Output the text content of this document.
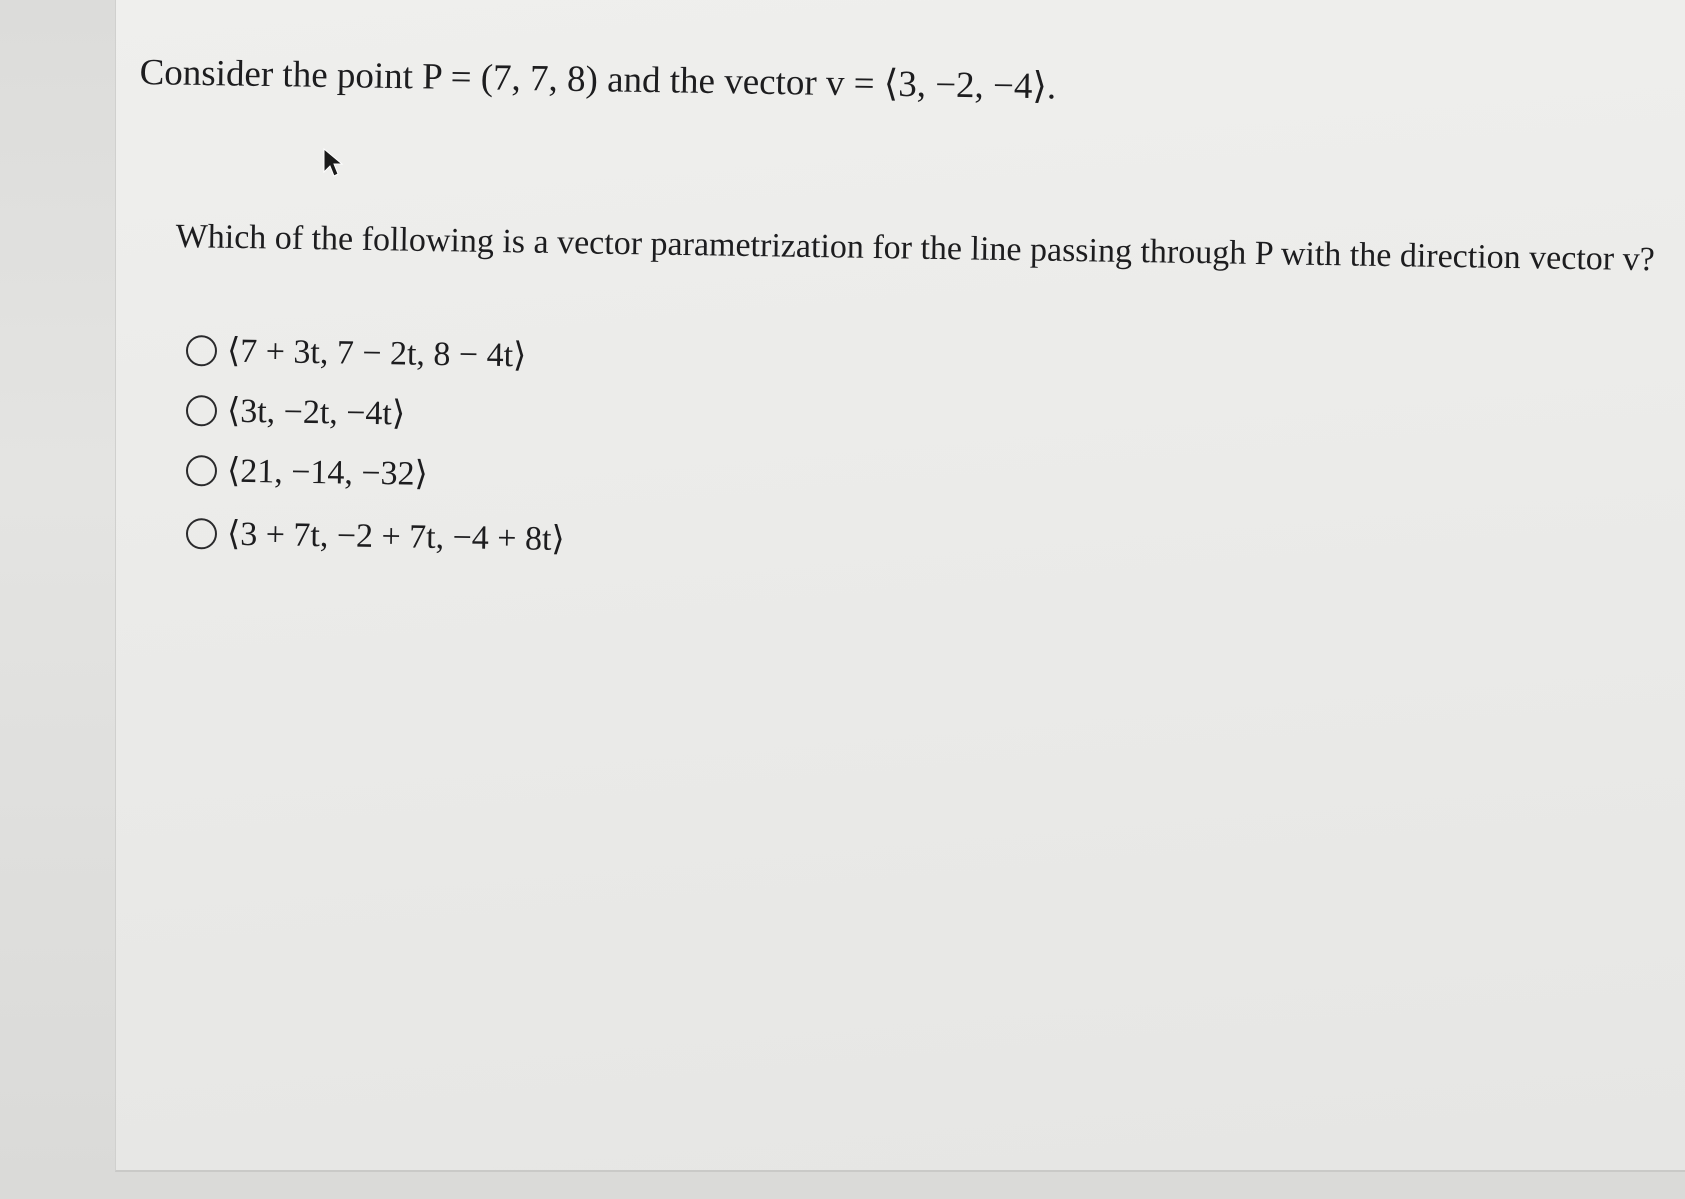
Consider the point P = (7, 7, 8) and the vector v = ⟨3, −2, −4⟩.
Which of the following is a vector parametrization for the line passing through P with the direction vector v?
⟨7 + 3t, 7 − 2t, 8 − 4t⟩
⟨3t, −2t, −4t⟩
⟨21, −14, −32⟩
⟨3 + 7t, −2 + 7t, −4 + 8t⟩
